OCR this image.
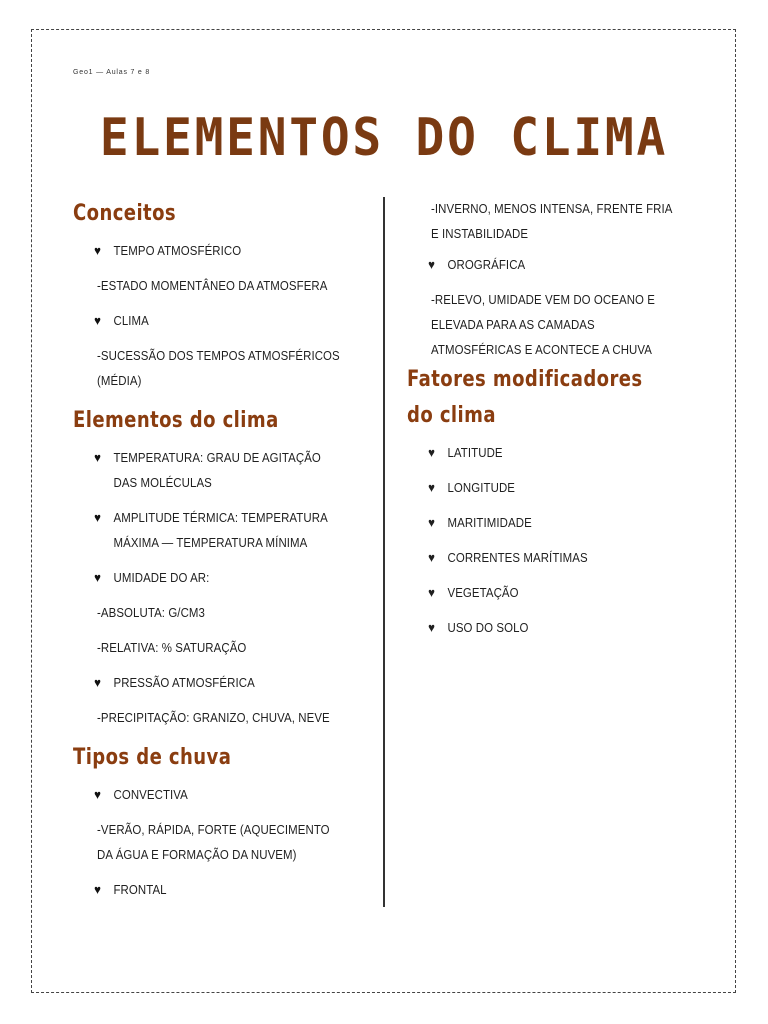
Geo1 — Aulas 7 e 8
ELEMENTOS DO CLIMA
Conceitos
♥ TEMPO ATMOSFÉRICO
-ESTADO MOMENTÂNEO DA ATMOSFERA
♥ CLIMA
-SUCESSÃO DOS TEMPOS ATMOSFÉRICOS (MÉDIA)
Elementos do clima
♥ TEMPERATURA: GRAU DE AGITAÇÃO DAS MOLÉCULAS
♥ AMPLITUDE TÉRMICA: TEMPERATURA MÁXIMA — TEMPERATURA MÍNIMA
♥ UMIDADE DO AR:
-ABSOLUTA: G/CM3
-RELATIVA: % SATURAÇÃO
♥ PRESSÃO ATMOSFÉRICA
-PRECIPITAÇÃO: GRANIZO, CHUVA, NEVE
Tipos de chuva
♥ CONVECTIVA
-VERÃO, RÁPIDA, FORTE (AQUECIMENTO DA ÁGUA E FORMAÇÃO DA NUVEM)
♥ FRONTAL
-INVERNO, MENOS INTENSA, FRENTE FRIA E INSTABILIDADE
♥ OROGRÁFICA
-RELEVO, UMIDADE VEM DO OCEANO E ELEVADA PARA AS CAMADAS ATMOSFÉRICAS E ACONTECE A CHUVA
Fatores modificadores do clima
♥ LATITUDE
♥ LONGITUDE
♥ MARITIMIDADE
♥ CORRENTES MARÍTIMAS
♥ VEGETAÇÃO
♥ USO DO SOLO
